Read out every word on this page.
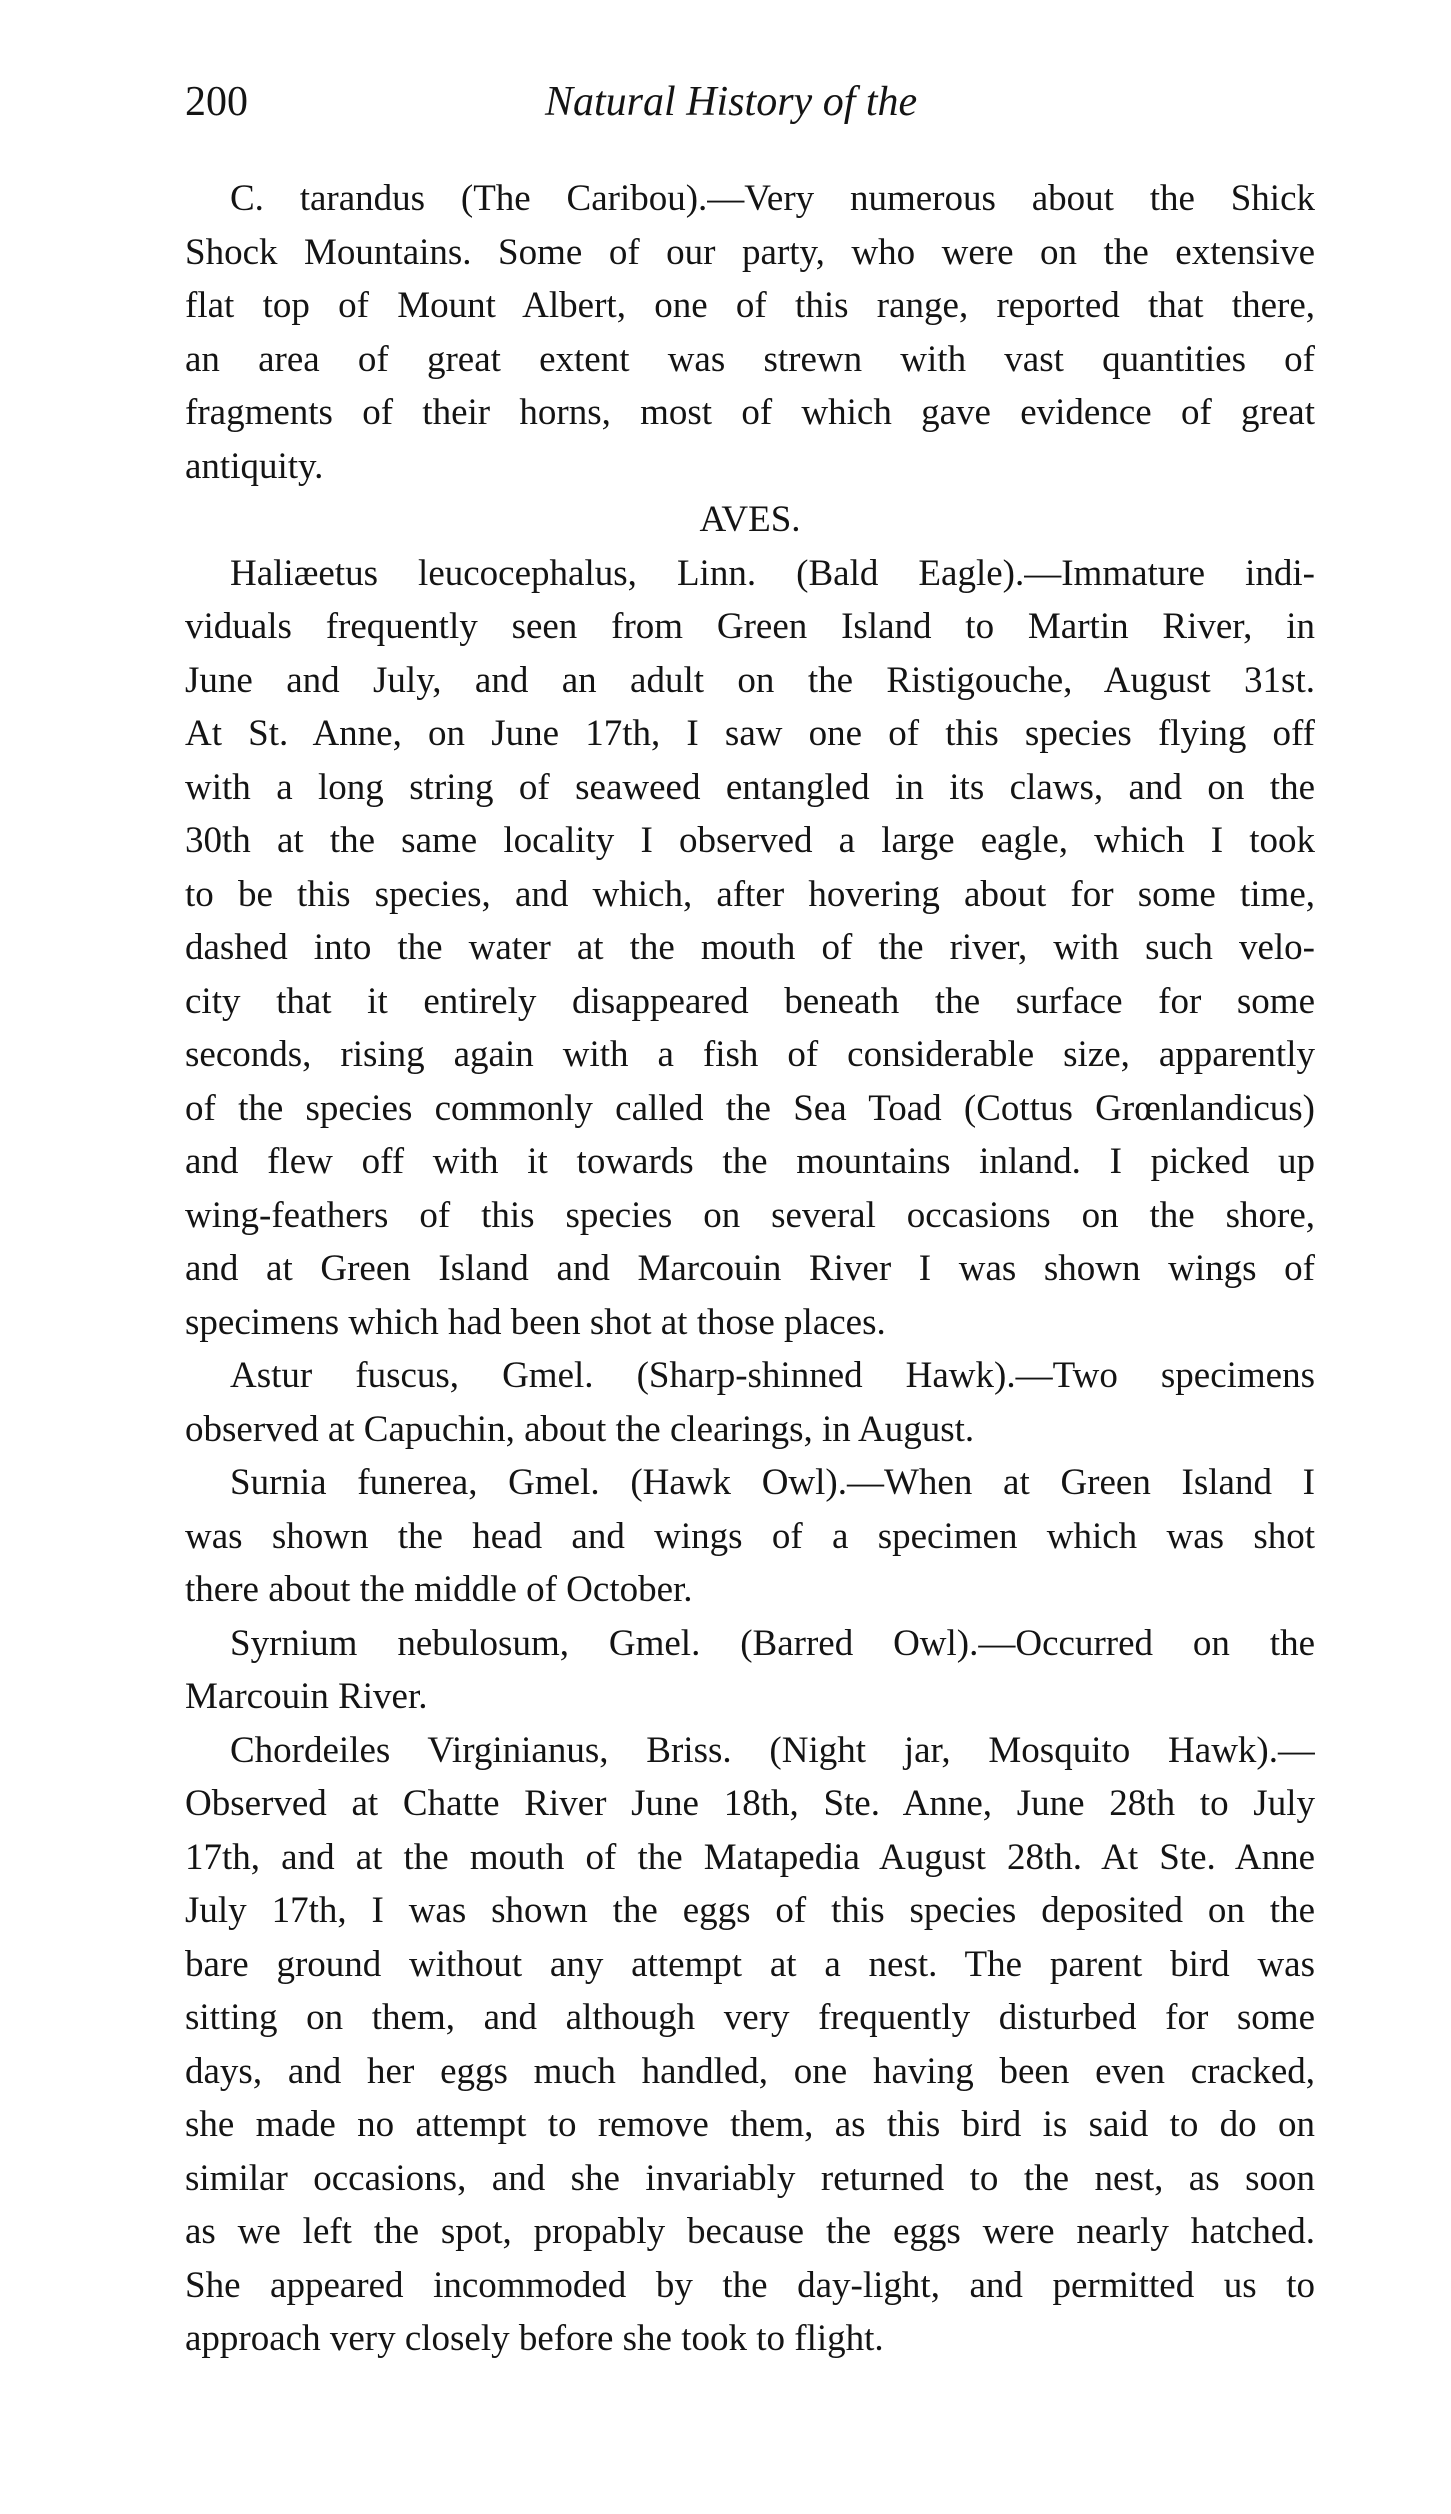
200	Natural History of the
C. tarandus (The Caribou).—Very numerous about the Shick
Shock Mountains. Some of our party, who were on the extensive
flat top of Mount Albert, one of this range, reported that there,
an area of great extent was strewn with vast quantities of
fragments of their horns, most of which gave evidence of great
antiquity.
AVES.
Haliæetus leucocephalus, Linn. (Bald Eagle).—Immature indi-
viduals frequently seen from Green Island to Martin River, in
June and July, and an adult on the Ristigouche, August 31st.
At St. Anne, on June 17th, I saw one of this species flying off
with a long string of seaweed entangled in its claws, and on the
30th at the same locality I observed a large eagle, which I took
to be this species, and which, after hovering about for some time,
dashed into the water at the mouth of the river, with such velo-
city that it entirely disappeared beneath the surface for some
seconds, rising again with a fish of considerable size, apparently
of the species commonly called the Sea Toad (Cottus Grœnlandicus)
and flew off with it towards the mountains inland. I picked up
wing-feathers of this species on several occasions on the shore,
and at Green Island and Marcouin River I was shown wings of
specimens which had been shot at those places.
Astur fuscus, Gmel. (Sharp-shinned Hawk).—Two specimens
observed at Capuchin, about the clearings, in August.
Surnia funerea, Gmel. (Hawk Owl).—When at Green Island I
was shown the head and wings of a specimen which was shot
there about the middle of October.
Syrnium nebulosum, Gmel. (Barred Owl).—Occurred on the
Marcouin River.
Chordeiles Virginianus, Briss. (Night jar, Mosquito Hawk).—
Observed at Chatte River June 18th, Ste. Anne, June 28th to July
17th, and at the mouth of the Matapedia August 28th. At Ste. Anne
July 17th, I was shown the eggs of this species deposited on the
bare ground without any attempt at a nest. The parent bird was
sitting on them, and although very frequently disturbed for some
days, and her eggs much handled, one having been even cracked,
she made no attempt to remove them, as this bird is said to do on
similar occasions, and she invariably returned to the nest, as soon
as we left the spot, propably because the eggs were nearly hatched.
She appeared incommoded by the day-light, and permitted us to
approach very closely before she took to flight.
